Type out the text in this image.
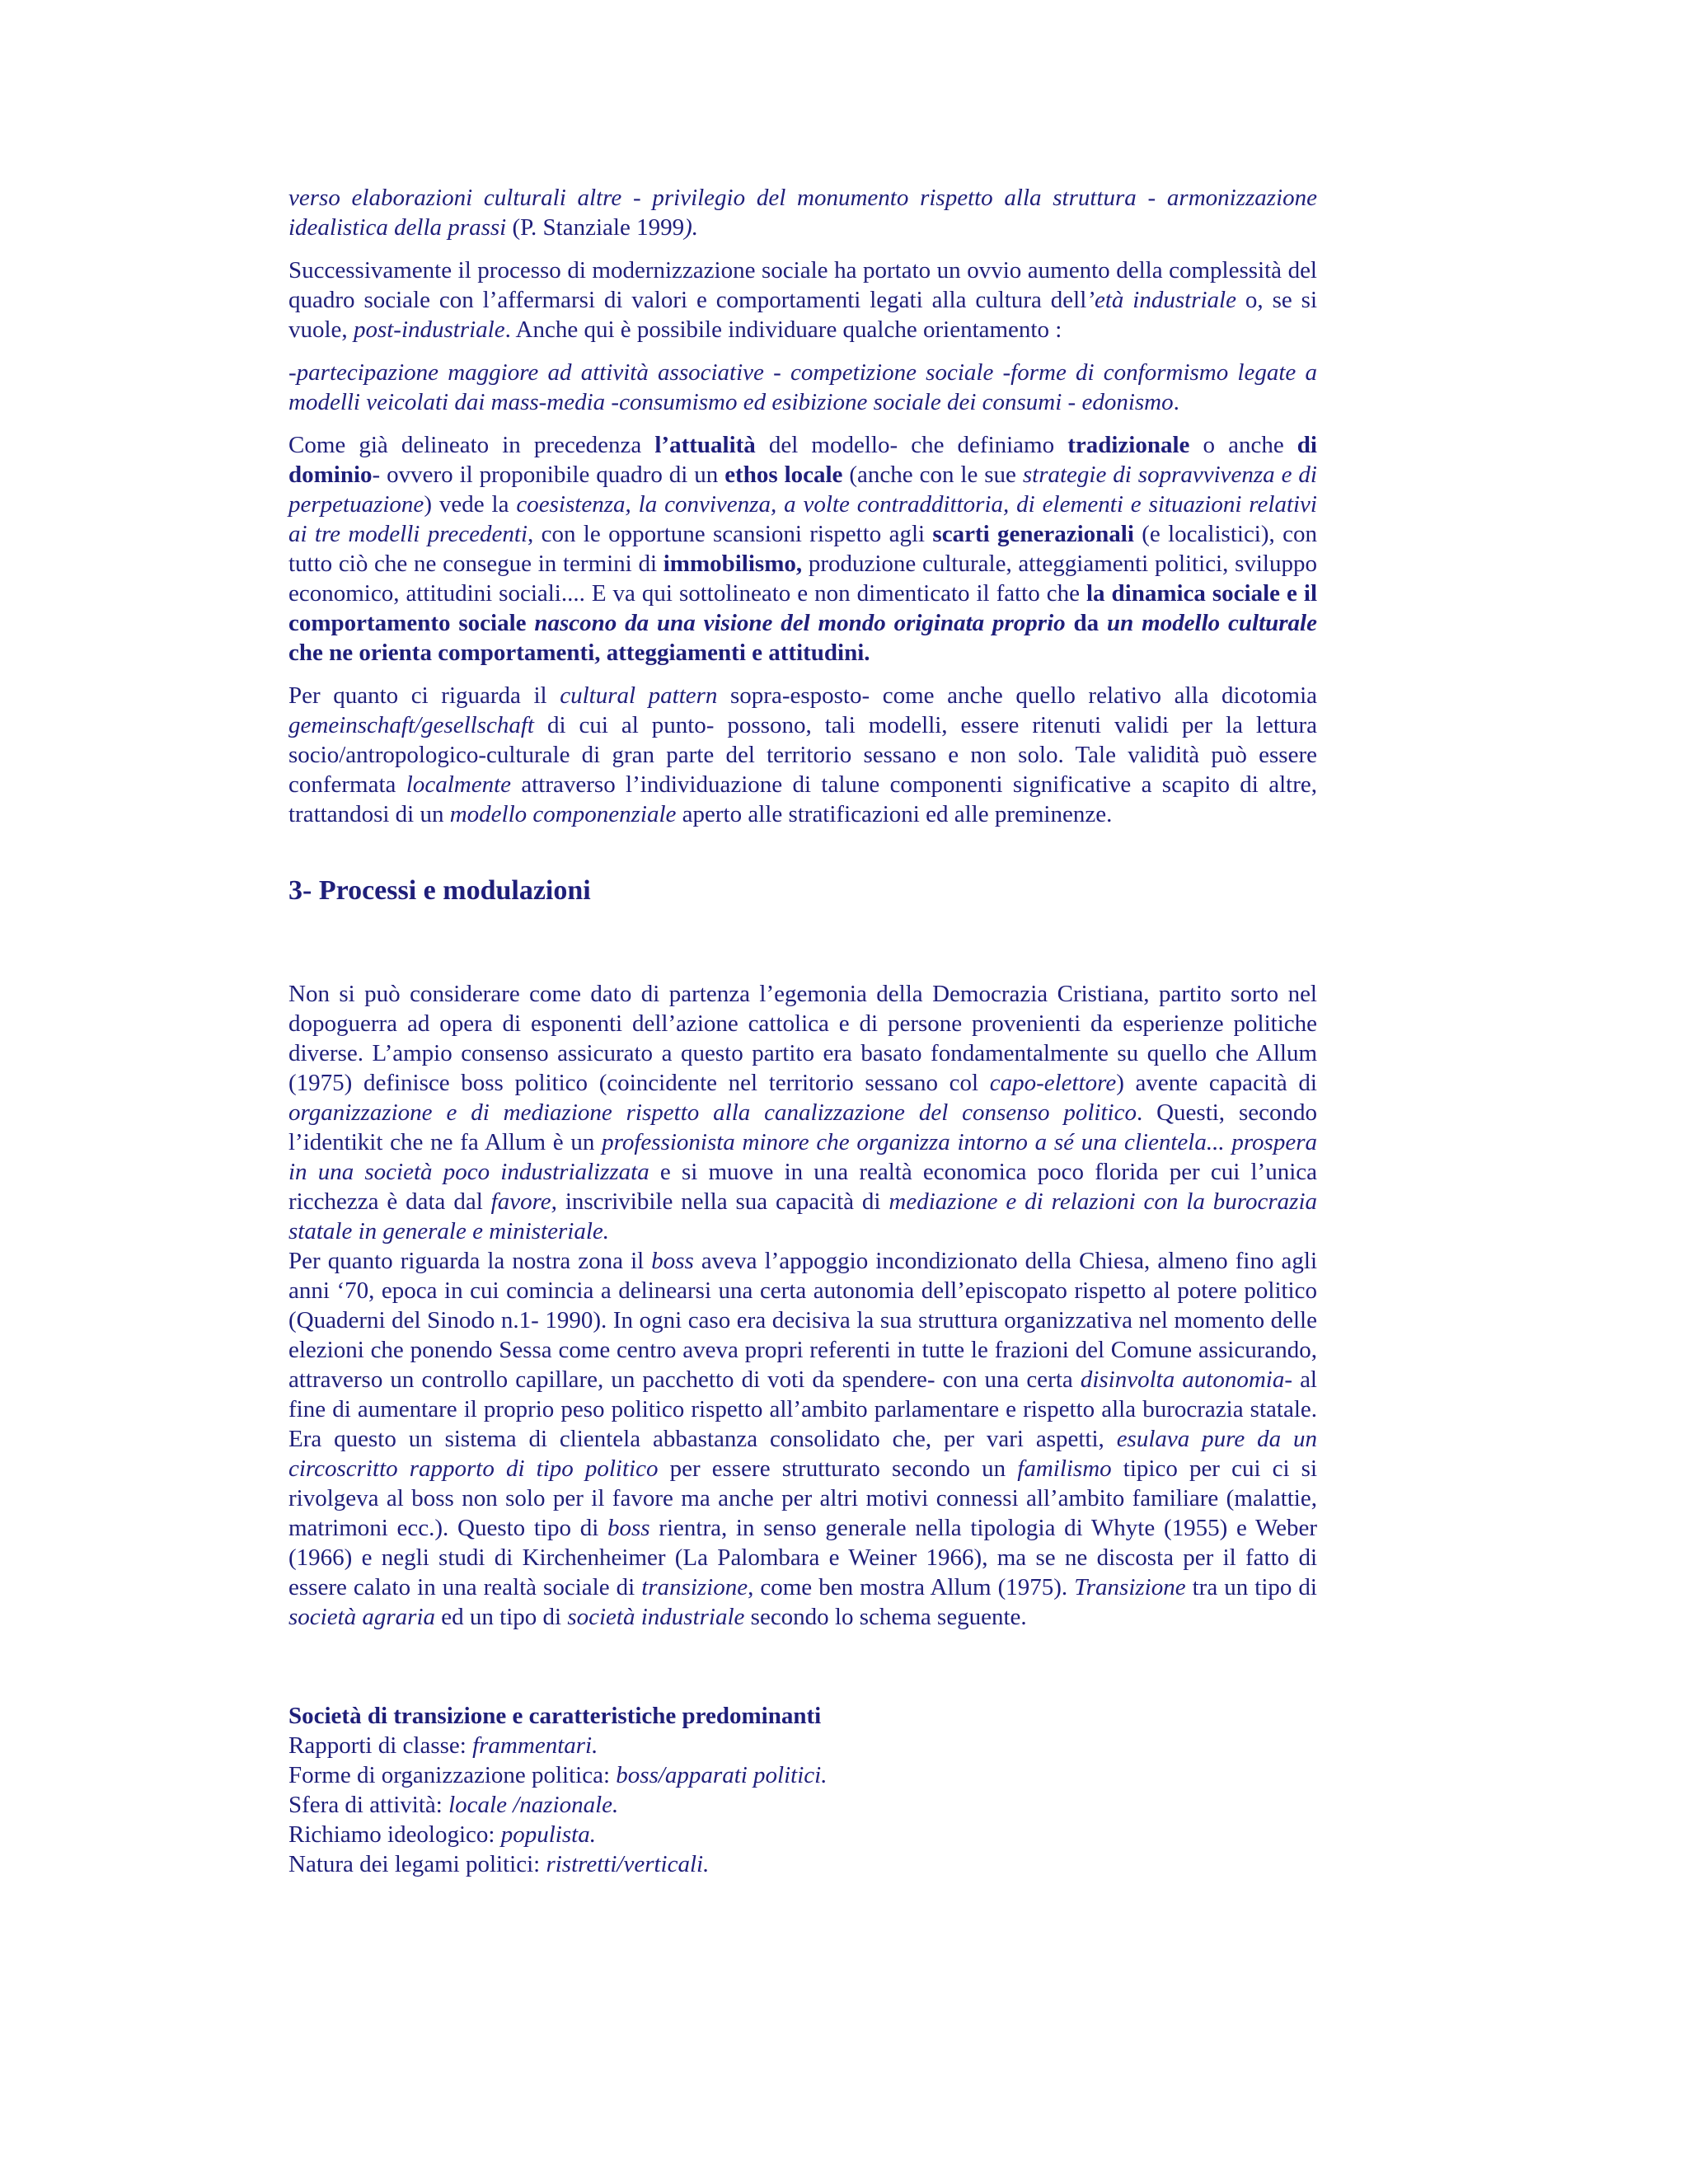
verso elaborazioni culturali altre - privilegio del monumento rispetto alla struttura - armonizzazione idealistica della prassi (P. Stanziale 1999).

Successivamente il processo di modernizzazione sociale ha portato un ovvio aumento della complessità del quadro sociale con l’affermarsi di valori e comportamenti legati alla cultura dell’età industriale o, se si vuole, post-industriale. Anche qui è possibile individuare qualche orientamento :

-partecipazione maggiore ad attività associative - competizione sociale -forme di conformismo legate a modelli veicolati dai mass-media -consumismo ed esibizione sociale dei consumi - edonismo.

Come già delineato in precedenza l’attualità del modello- che definiamo tradizionale o anche di dominio- ovvero il proponibile quadro di un ethos locale (anche con le sue strategie di sopravvivenza e di perpetuazione) vede la coesistenza, la convivenza, a volte contraddittoria, di elementi e situazioni relativi ai tre modelli precedenti, con le opportune scansioni rispetto agli scarti generazionali (e localistici), con tutto ciò che ne consegue in termini di immobilismo, produzione culturale, atteggiamenti politici, sviluppo economico, attitudini sociali.... E va qui sottolineato e non dimenticato il fatto che la dinamica sociale e il comportamento sociale nascono da una visione del mondo originata proprio da un modello culturale che ne orienta comportamenti, atteggiamenti e attitudini.

Per quanto ci riguarda il cultural pattern sopra-esposto- come anche quello relativo alla dicotomia gemeinschaft/gesellschaft di cui al punto- possono, tali modelli, essere ritenuti validi per la lettura socio/antropologico-culturale di gran parte del territorio sessano e non solo. Tale validità può essere confermata localmente attraverso l’individuazione di talune componenti significative a scapito di altre, trattandosi di un modello componenziale aperto alle stratificazioni ed alle preminenze.

3- Processi e modulazioni

Non si può considerare come dato di partenza l’egemonia della Democrazia Cristiana, partito sorto nel dopoguerra ad opera di esponenti dell’azione cattolica e di persone provenienti da esperienze politiche diverse. L’ampio consenso assicurato a questo partito era basato fondamentalmente su quello che Allum (1975) definisce boss politico (coincidente nel territorio sessano col capo-elettore) avente capacità di organizzazione e di mediazione rispetto alla canalizzazione del consenso politico. Questi, secondo l’identikit che ne fa Allum è un professionista minore che organizza intorno a sé una clientela... prospera in una società poco industrializzata e si muove in una realtà economica poco florida per cui l’unica ricchezza è data dal favore, inscrivibile nella sua capacità di mediazione e di relazioni con la burocrazia statale in generale e ministeriale.

Per quanto riguarda la nostra zona il boss aveva l’appoggio incondizionato della Chiesa, almeno fino agli anni ‘70, epoca in cui comincia a delinearsi una certa autonomia dell’episcopato rispetto al potere politico (Quaderni del Sinodo n.1- 1990). In ogni caso era decisiva la sua struttura organizzativa nel momento delle elezioni che ponendo Sessa come centro aveva propri referenti in tutte le frazioni del Comune assicurando, attraverso un controllo capillare, un pacchetto di voti da spendere- con una certa disinvolta autonomia- al fine di aumentare il proprio peso politico rispetto all’ambito parlamentare e rispetto alla burocrazia statale. Era questo un sistema di clientela abbastanza consolidato che, per vari aspetti, esulava pure da un circoscritto rapporto di tipo politico per essere strutturato secondo un familismo tipico per cui ci si rivolgeva al boss non solo per il favore ma anche per altri motivi connessi all’ambito familiare (malattie, matrimoni ecc.). Questo tipo di boss rientra, in senso generale nella tipologia di Whyte (1955) e Weber (1966) e negli studi di Kirchenheimer (La Palombara e Weiner 1966), ma se ne discosta per il fatto di essere calato in una realtà sociale di transizione, come ben mostra Allum (1975). Transizione tra un tipo di società agraria ed un tipo di società industriale secondo lo schema seguente.

Società di transizione e caratteristiche predominanti
Rapporti di classe: frammentari.
Forme di organizzazione politica: boss/apparati politici.
Sfera di attività: locale /nazionale.
Richiamo ideologico: populista.
Natura dei legami politici: ristretti/verticali.
